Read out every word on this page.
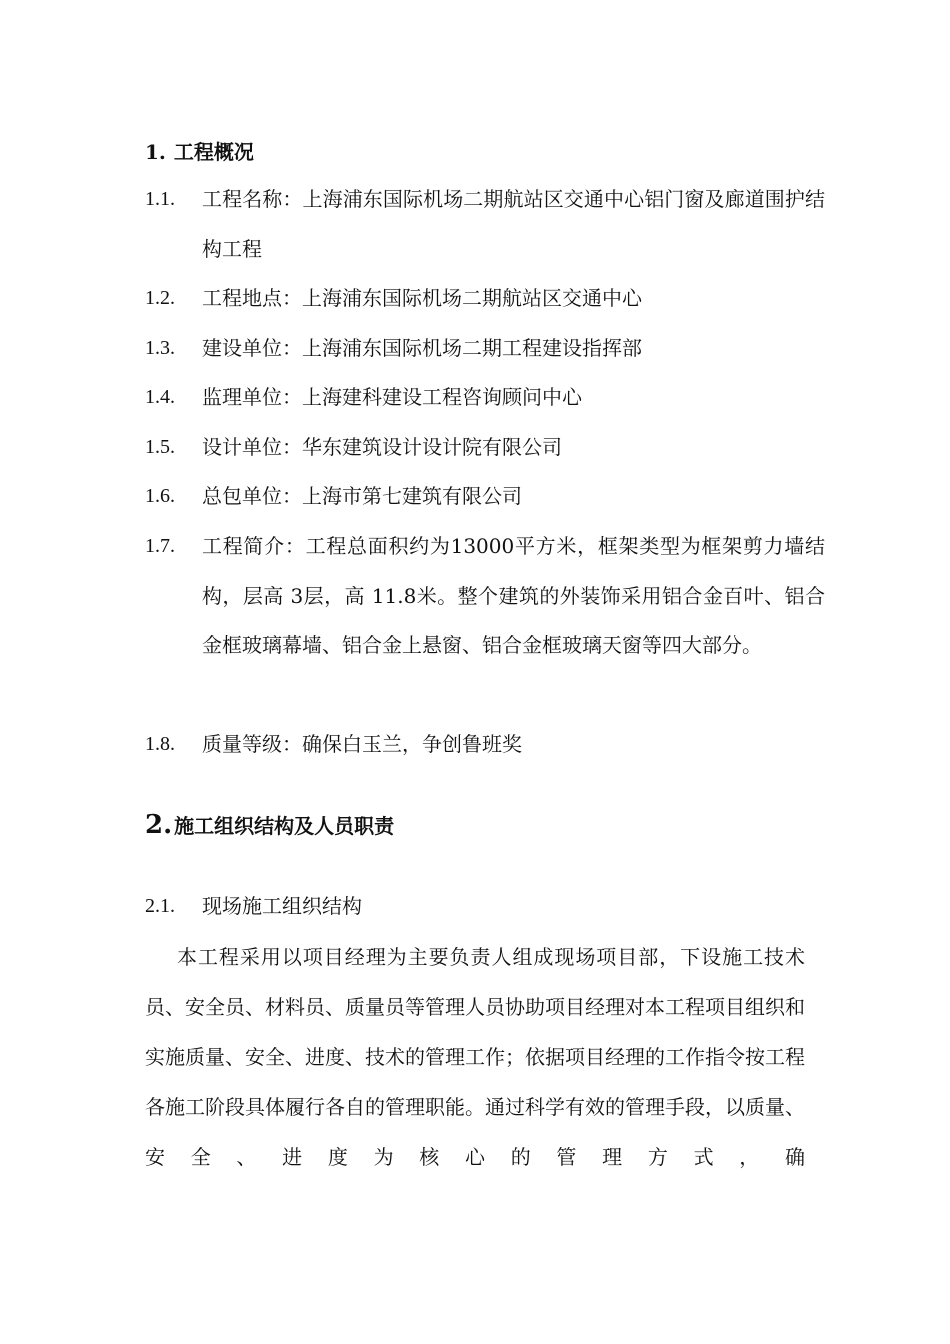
1. 工程概况
1.1.	工程名称：上海浦东国际机场二期航站区交通中心铝门窗及廊道围护结构工程
1.2.	工程地点：上海浦东国际机场二期航站区交通中心
1.3.	建设单位：上海浦东国际机场二期工程建设指挥部
1.4.	监理单位：上海建科建设工程咨询顾问中心
1.5.	设计单位：华东建筑设计设计院有限公司
1.6.	总包单位：上海市第七建筑有限公司
1.7.	工程简介：工程总面积约为13000平方米，框架类型为框架剪力墙结构，层高 3层，高 11.8米。整个建筑的外装饰采用铝合金百叶、铝合金框玻璃幕墙、铝合金上悬窗、铝合金框玻璃天窗等四大部分。
1.8.	质量等级：确保白玉兰，争创鲁班奖
2. 施工组织结构及人员职责
2.1.	现场施工组织结构
本工程采用以项目经理为主要负责人组成现场项目部，下设施工技术员、安全员、材料员、质量员等管理人员协助项目经理对本工程项目组织和实施质量、安全、进度、技术的管理工作；依据项目经理的工作指令按工程各施工阶段具体履行各自的管理职能。通过科学有效的管理手段，以质量、安全、进度为核心的管理方式，确
